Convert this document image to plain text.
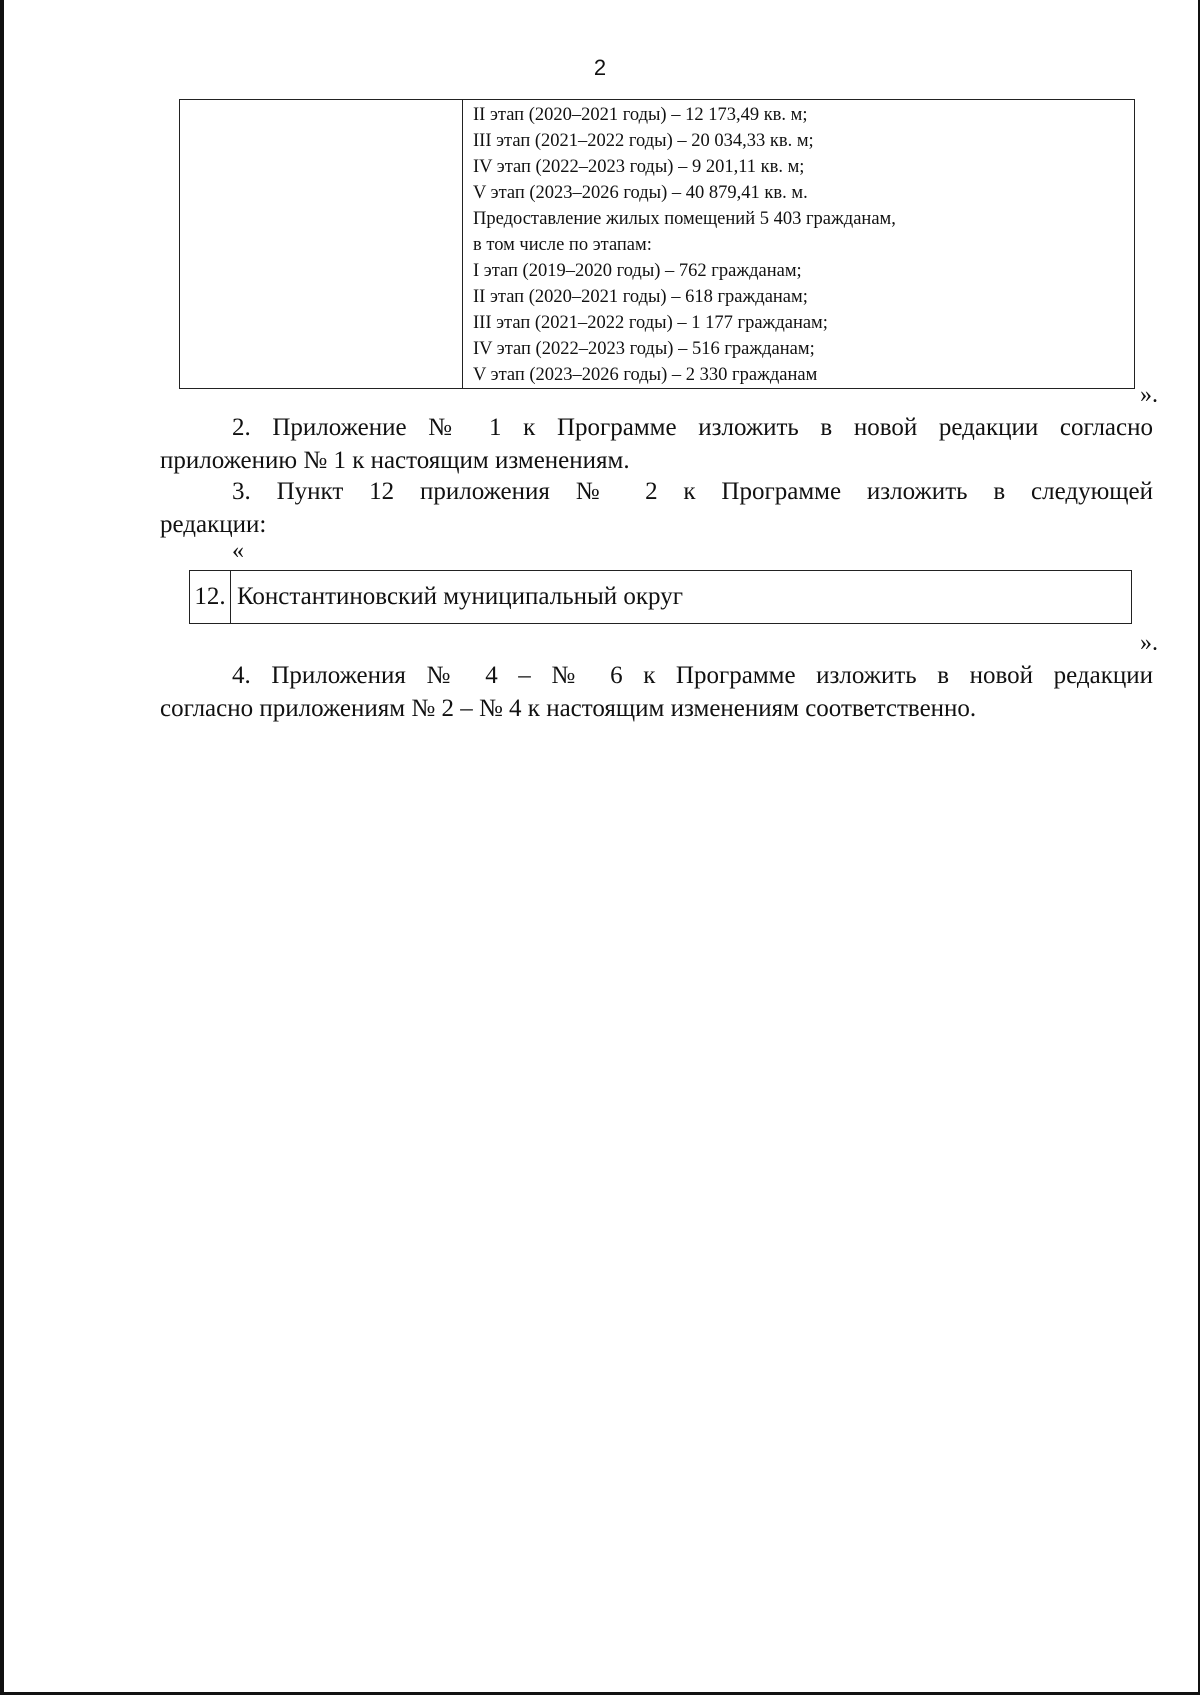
2

II этап (2020–2021 годы) – 12 173,49 кв. м;
III этап (2021–2022 годы) – 20 034,33 кв. м;
IV этап (2022–2023 годы) – 9 201,11 кв. м;
V этап (2023–2026 годы) – 40 879,41 кв. м.
Предоставление жилых помещений 5 403 гражданам,
в том числе по этапам:
I этап (2019–2020 годы) – 762 гражданам;
II этап (2020–2021 годы) – 618 гражданам;
III этап (2021–2022 годы) – 1 177 гражданам;
IV этап (2022–2023 годы) – 516 гражданам;
V этап (2023–2026 годы) – 2 330 гражданам
».
2. Приложение № 1 к Программе изложить в новой редакции согласно
приложению № 1 к настоящим изменениям.
3. Пункт 12 приложения № 2 к Программе изложить в следующей
редакции:
«
12.	Константиновский муниципальный округ
».
4. Приложения № 4 – № 6 к Программе изложить в новой редакции
согласно приложениям № 2 – № 4 к настоящим изменениям соответственно.
